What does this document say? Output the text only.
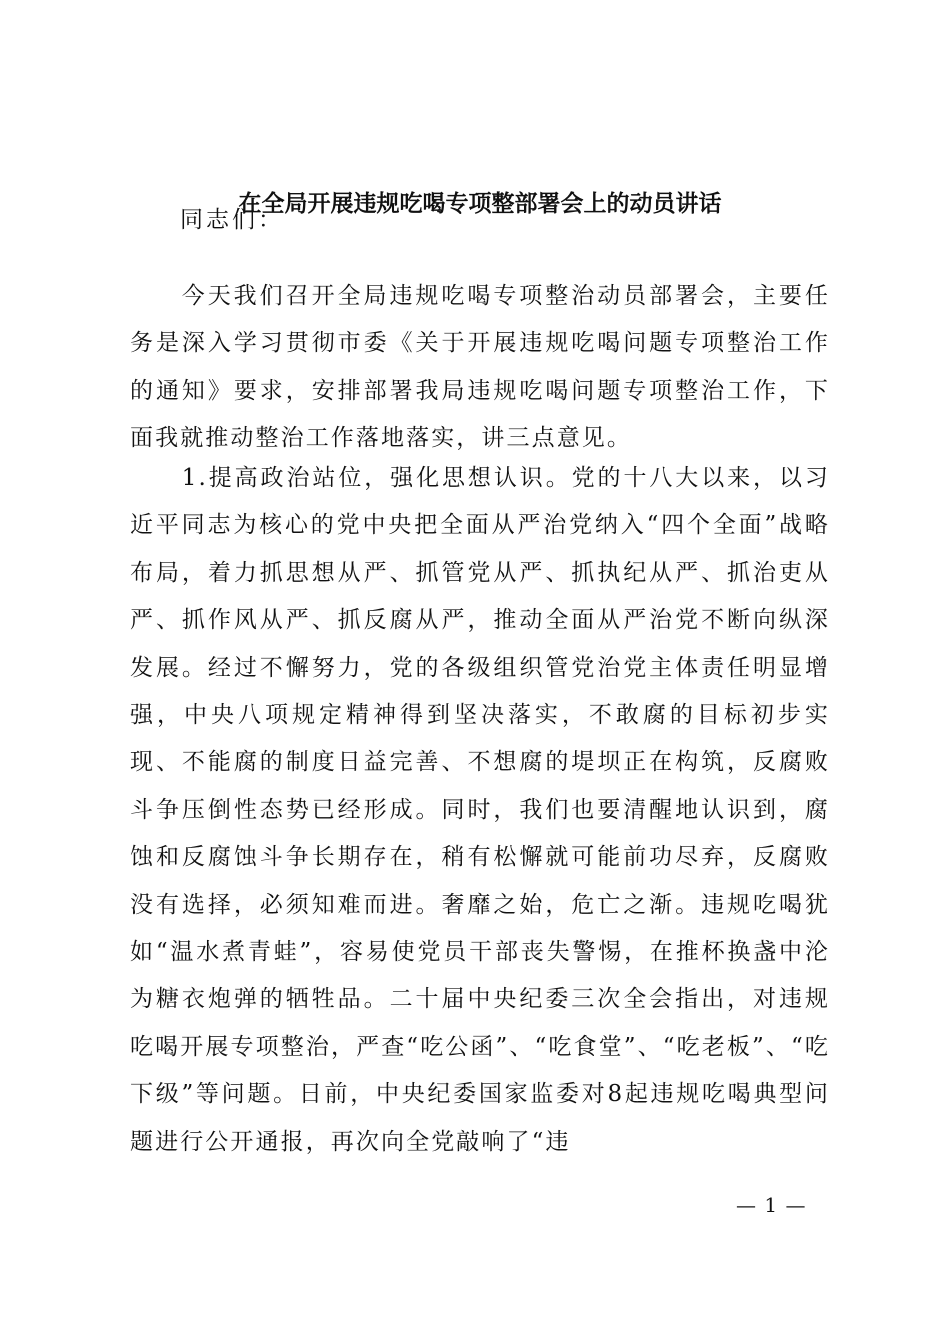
在全局开展违规吃喝专项整部署会上的动员讲话
同志们：

今天我们召开全局违规吃喝专项整治动员部署会，主要任务是深入学习贯彻市委《关于开展违规吃喝问题专项整治工作的通知》要求，安排部署我局违规吃喝问题专项整治工作，下面我就推动整治工作落地落实，讲三点意见。

1.提高政治站位，强化思想认识。党的十八大以来，以习近平同志为核心的党中央把全面从严治党纳入“四个全面”战略布局，着力抓思想从严、抓管党从严、抓执纪从严、抓治吏从严、抓作风从严、抓反腐从严，推动全面从严治党不断向纵深发展。经过不懈努力，党的各级组织管党治党主体责任明显增强，中央八项规定精神得到坚决落实，不敢腐的目标初步实现、不能腐的制度日益完善、不想腐的堤坝正在构筑，反腐败斗争压倒性态势已经形成。同时，我们也要清醒地认识到，腐蚀和反腐蚀斗争长期存在，稍有松懈就可能前功尽弃，反腐败没有选择，必须知难而进。奢靡之始，危亡之渐。违规吃喝犹如“温水煮青蛙”，容易使党员干部丧失警惕，在推杯换盏中沦为糖衣炮弹的牺牲品。二十届中央纪委三次全会指出，对违规吃喝开展专项整治，严查“吃公函”、“吃食堂”、“吃老板”、“吃下级”等问题。日前，中央纪委国家监委对8起违规吃喝典型问题进行公开通报，再次向全党敲响了“违

— 1 —
